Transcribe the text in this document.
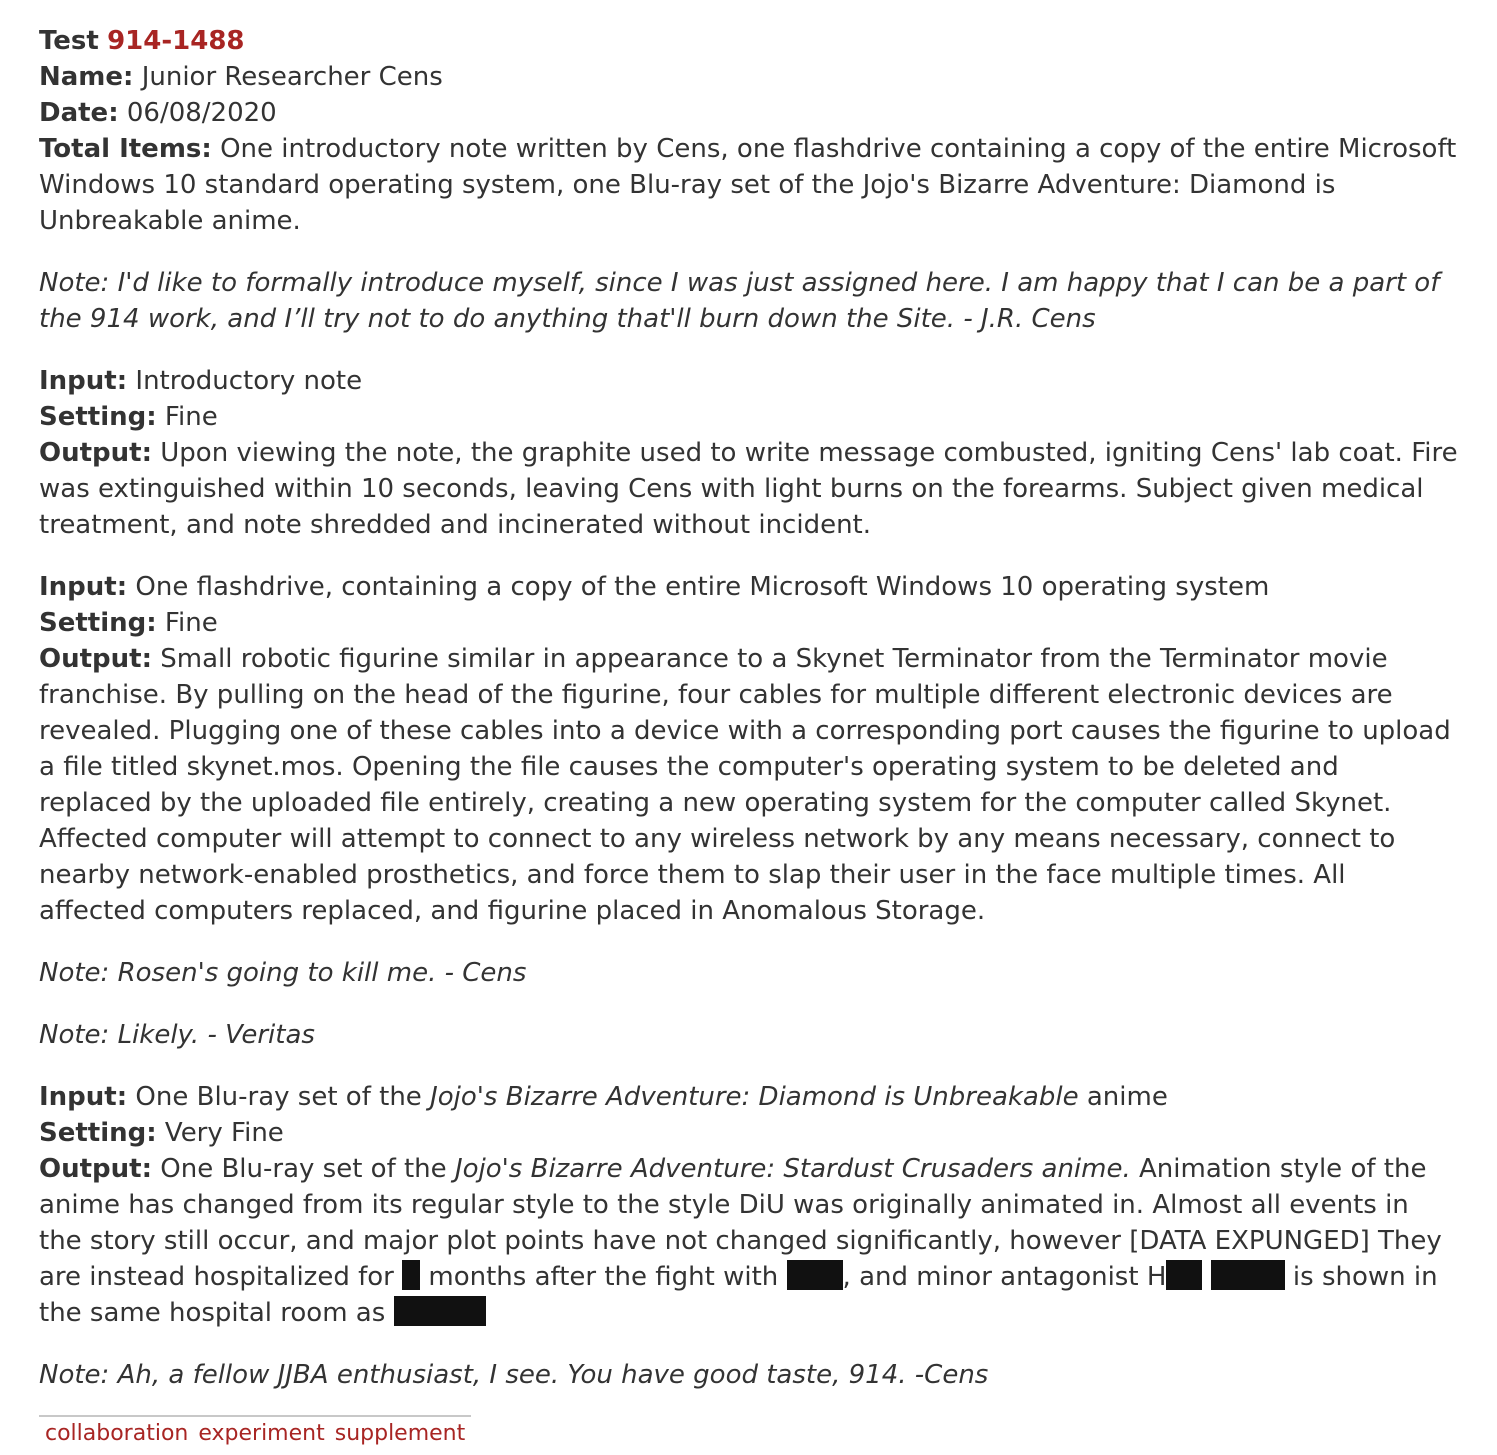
Test 914-1488

Name: Junior Researcher Cens

Date: 06/08/2020

Total Items: One introductory note written by Cens, one flashdrive containing a copy of the entire Microsoft Windows 10 standard operating system, one Blu-ray set of the Jojo's Bizarre Adventure: Diamond is Unbreakable anime.

Note: I'd like to formally introduce myself, since I was just assigned here. I am happy that I can be a part of the 914 work, and I’ll try not to do anything that'll burn down the Site. - J.R. Cens

Input: Introductory note

Setting: Fine

Output: Upon viewing the note, the graphite used to write message combusted, igniting Cens' lab coat. Fire was extinguished within 10 seconds, leaving Cens with light burns on the forearms. Subject given medical treatment, and note shredded and incinerated without incident.

Input: One flashdrive, containing a copy of the entire Microsoft Windows 10 operating system

Setting: Fine

Output: Small robotic figurine similar in appearance to a Skynet Terminator from the Terminator movie franchise. By pulling on the head of the figurine, four cables for multiple different electronic devices are revealed. Plugging one of these cables into a device with a corresponding port causes the figurine to upload a file titled skynet.mos. Opening the file causes the computer's operating system to be deleted and replaced by the uploaded file entirely, creating a new operating system for the computer called Skynet. Affected computer will attempt to connect to any wireless network by any means necessary, connect to nearby network-enabled prosthetics, and force them to slap their user in the face multiple times. All affected computers replaced, and figurine placed in Anomalous Storage.

Note: Rosen's going to kill me. - Cens

Note: Likely. - Veritas

Input: One Blu-ray set of the Jojo's Bizarre Adventure: Diamond is Unbreakable anime

Setting: Very Fine

Output: One Blu-ray set of the Jojo's Bizarre Adventure: Stardust Crusaders anime. Animation style of the anime has changed from its regular style to the style DiU was originally animated in. Almost all events in the story still occur, and major plot points have not changed significantly, however [DATA EXPUNGED] They are instead hospitalized for months after the fight with , and minor antagonist H	is shown in the same hospital room as

Note: Ah, a fellow JJBA enthusiast, I see. You have good taste, 914. -Cens

collaboration experiment supplement
